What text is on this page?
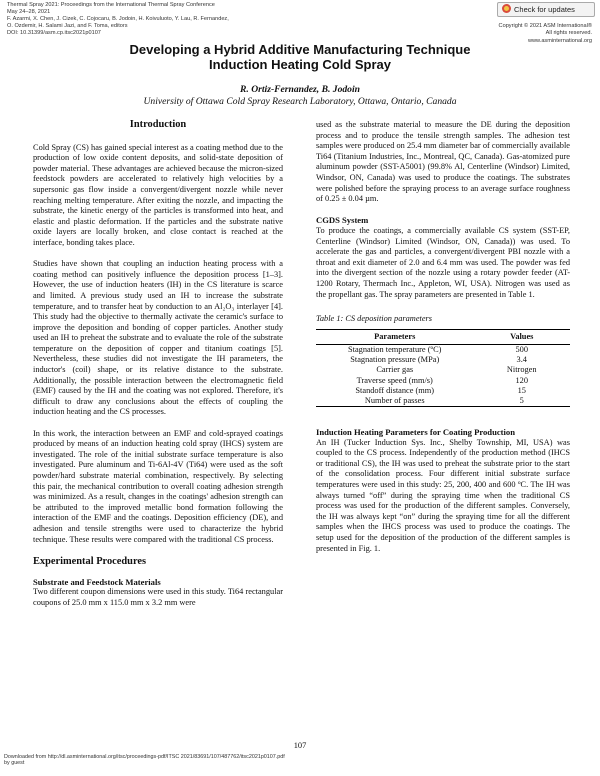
Thermal Spray 2021: Proceedings from the International Thermal Spray Conference
May 24–28, 2021
F. Azarmi, X. Chen, J. Cizek, C. Cojocaru, B. Jodoin, H. Koivuluoto, Y. Lau, R. Fernandez,
O. Ozdemir, H. Salami Jazi, and F. Toma, editors
DOI: 10.31399/asm.cp.itsc2021p0107
Check for updates
Copyright © 2021 ASM International®
All rights reserved.
www.asminternational.org
Developing a Hybrid Additive Manufacturing Technique
Induction Heating Cold Spray
R. Ortiz-Fernandez, B. Jodoin
University of Ottawa Cold Spray Research Laboratory, Ottawa, Ontario, Canada
Introduction

Cold Spray (CS) has gained special interest as a coating method due to the production of low oxide content deposits, and solid-state deposition of powder material. These advantages are achieved because the micron-sized feedstock powders are accelerated to relatively high velocities by a supersonic gas flow inside a convergent/divergent nozzle while never reaching melting temperature. After exiting the nozzle, and impacting the substrate, the kinetic energy of the particles is transformed into heat, and elastic and plastic deformation. If the particles and the substrate native oxide layers are locally broken, and close contact is reached at the interface, bonding takes place.

Studies have shown that coupling an induction heating process with a coating method can positively influence the deposition process [1–3]. However, the use of induction heaters (IH) in the CS literature is scarce and limited. A previous study used an IH to increase the substrate temperature, and to transfer heat by conduction to an Al₂O₃ interlayer [4]. This study had the objective to thermally activate the ceramic's surface to improve the deposition and bonding of copper particles. Another study used an IH to preheat the substrate and to evaluate the role of the substrate temperature on the deposition of copper and titanium coatings [5]. Nevertheless, these studies did not investigate the IH parameters, the inductor's (coil) shape, or its relative distance to the substrate. Additionally, the possible interaction between the electromagnetic field (EMF) caused by the IH and the coating was not explored. Therefore, it's difficult to draw any conclusions about the effects of coupling the induction heating and the CS processes.

In this work, the interaction between an EMF and cold-sprayed coatings produced by means of an induction heating cold spray (IHCS) system are investigated. The role of the initial substrate surface temperature is also investigated. Pure aluminum and Ti-6Al-4V (Ti64) were used as the soft powder/hard substrate material combination, respectively. By selecting this pair, the mechanical contribution to overall coating adhesion strength was minimized. As a result, changes in the coatings' adhesion strength can be attributed to the improved metallic bond formation following the interaction of the EMF and the coatings. Deposition efficiency (DE), and adhesion and tensile strengths were used to characterize the hybrid technique. These results were compared with the traditional CS process.

Experimental Procedures
Substrate and Feedstock Materials

Two different coupon dimensions were used in this study. Ti64 rectangular coupons of 25.0 mm x 115.0 mm x 3.2 mm were

used as the substrate material to measure the DE during the deposition process and to produce the tensile strength samples. The adhesion test samples were produced on 25.4 mm diameter bar of commercially available Ti64 (Titanium Industries, Inc., Montreal, QC, Canada). Gas-atomized pure aluminum powder (SST-A5001) (99.8% Al, Centerline (Windsor) Limited, Windsor, ON, Canada) was used to produce the coatings. The substrates were polished before the spraying process to an average surface roughness of 0.25 ± 0.04 µm.

CGDS System

To produce the coatings, a commercially available CS system (SST-EP, Centerline (Windsor) Limited (Windsor, ON, Canada)) was used. To accelerate the gas and particles, a convergent/divergent PBI nozzle with a throat and exit diameter of 2.0 and 6.4 mm was used. The powder was fed into the divergent section of the nozzle using a rotary powder feeder (AT-1200 Rotary, Thermach Inc., Appleton, WI, USA). Nitrogen was used as the propellant gas. The spray parameters are presented in Table 1.

Table 1: CS deposition parameters
Parameters	Values
Stagnation temperature (ºC)	500
Stagnation pressure (MPa)	3.4
Carrier gas	Nitrogen
Traverse speed (mm/s)	120
Standoff distance (mm)	15
Number of passes	5
Induction Heating Parameters for Coating Production

An IH (Tucker Induction Sys. Inc., Shelby Township, MI, USA) was coupled to the CS process. Independently of the production method (IHCS or traditional CS), the IH was used to preheat the substrate prior to the start of the consolidation process. Four different initial substrate surface temperatures were used in this study: 25, 200, 400 and 600 ºC. The IH was always turned “off” during the spraying time when the traditional CS process was used for the production of the different samples. Conversely, the IH was always kept “on” during the spraying time for all the different samples when the IHCS process was used to produce the coatings. The setup used for the deposition of the production of the different samples is presented in Fig. 1.

107
Downloaded from http://dl.asminternational.org/itsc/proceedings-pdf/ITSC 2021/83691/107/487762/itsc2021p0107.pdf
by guest
